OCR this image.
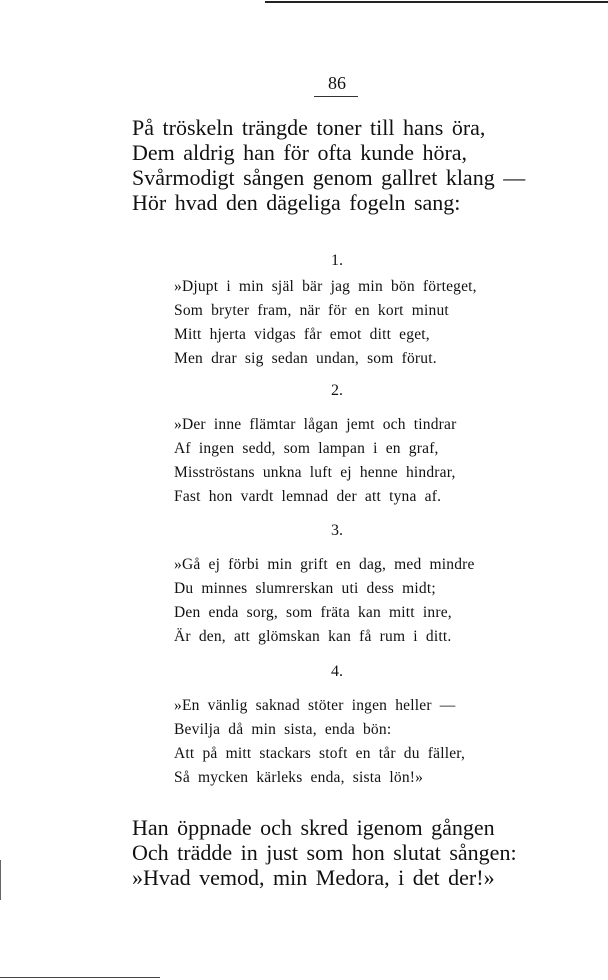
86
På tröskeln trängde toner till hans öra,
Dem aldrig han för ofta kunde höra,
Svårmodigt sången genom gallret klang —
Hör hvad den dägeliga fogeln sang:
1.
»Djupt i min själ bär jag min bön förteget,
Som bryter fram, när för en kort minut
Mitt hjerta vidgas får emot ditt eget,
Men drar sig sedan undan, som förut.
2.
»Der inne flämtar lågan jemt och tindrar
Af ingen sedd, som lampan i en graf,
Misströstans unkna luft ej henne hindrar,
Fast hon vardt lemnad der att tyna af.
3.
»Gå ej förbi min grift en dag, med mindre
Du minnes slumrerskan uti dess midt;
Den enda sorg, som fräta kan mitt inre,
Är den, att glömskan kan få rum i ditt.
4.
»En vänlig saknad stöter ingen heller —
Bevilja då min sista, enda bön:
Att på mitt stackars stoft en tår du fäller,
Så mycken kärleks enda, sista lön!»
Han öppnade och skred igenom gången
Och trädde in just som hon slutat sången:
»Hvad vemod, min Medora, i det der!»
